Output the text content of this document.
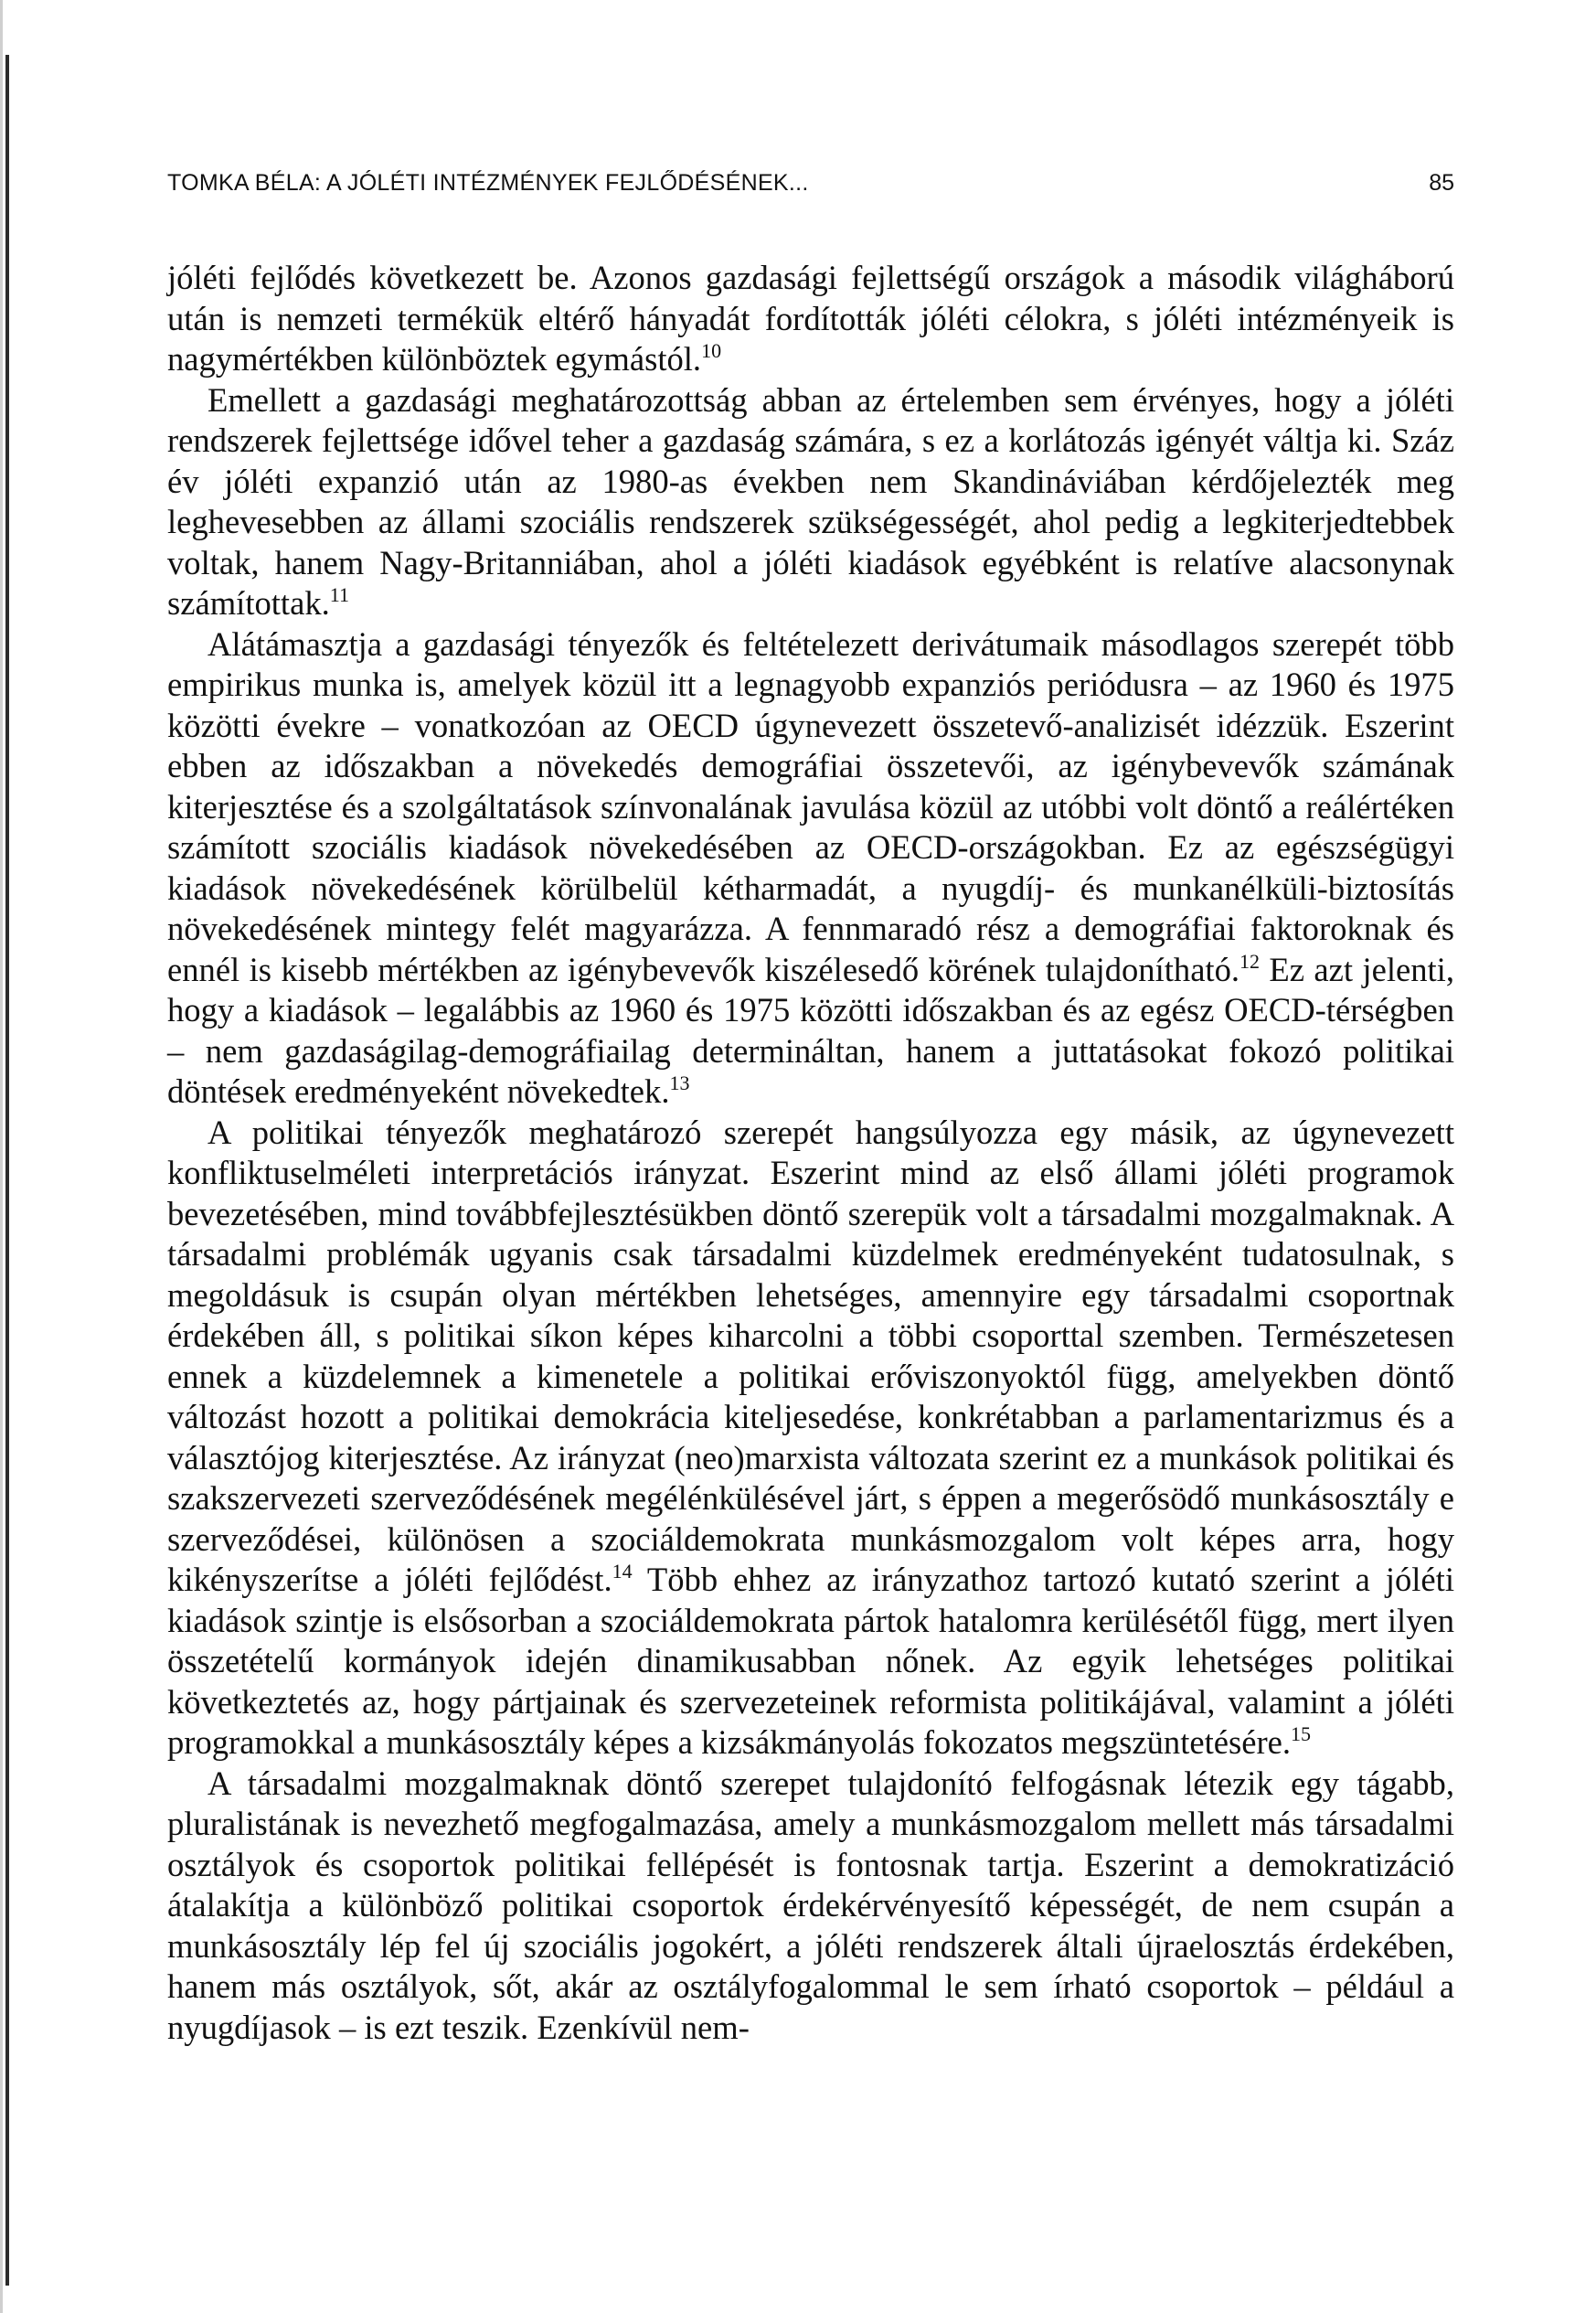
TOMKA BÉLA: A JÓLÉTI INTÉZMÉNYEK FEJLŐDÉSÉNEK...	85

jóléti fejlődés következett be. Azonos gazdasági fejlettségű országok a második világháború után is nemzeti termékük eltérő hányadát fordították jóléti célokra, s jóléti intézményeik is nagymértékben különböztek egymástól.$^{10}$

Emellett a gazdasági meghatározottság abban az értelemben sem érvényes, hogy a jóléti rendszerek fejlettsége idővel teher a gazdaság számára, s ez a korlátozás igényét váltja ki. Száz év jóléti expanzió után az 1980-as években nem Skandináviában kérdőjelezték meg leghevesebben az állami szociális rendszerek szükségességét, ahol pedig a legkiterjedtebbek voltak, hanem Nagy-Britanniában, ahol a jóléti kiadások egyébként is relatíve alacsonynak számítottak.$^{11}$

Alátámasztja a gazdasági tényezők és feltételezett derivátumaik másodlagos szerepét több empirikus munka is, amelyek közül itt a legnagyobb expanziós periódusra – az 1960 és 1975 közötti évekre – vonatkozóan az OECD úgynevezett összetevő-analizisét idézzük. Eszerint ebben az időszakban a növekedés demográfiai összetevői, az igénybevevők számának kiterjesztése és a szolgáltatások színvonalának javulása közül az utóbbi volt döntő a reálértéken számított szociális kiadások növekedésében az OECD-országokban. Ez az egészségügyi kiadások növekedésének körülbelül kétharmadát, a nyugdíj- és munkanélküli-biztosítás növekedésének mintegy felét magyarázza. A fennmaradó rész a demográfiai faktoroknak és ennél is kisebb mértékben az igénybevevők kiszélesedő körének tulajdonítható.$^{12}$ Ez azt jelenti, hogy a kiadások – legalábbis az 1960 és 1975 közötti időszakban és az egész OECD-térségben – nem gazdaságilag-demográfiailag determináltan, hanem a juttatásokat fokozó politikai döntések eredményeként növekedtek.$^{13}$

A politikai tényezők meghatározó szerepét hangsúlyozza egy másik, az úgynevezett konfliktuselméleti interpretációs irányzat. Eszerint mind az első állami jóléti programok bevezetésében, mind továbbfejlesztésükben döntő szerepük volt a társadalmi mozgalmaknak. A társadalmi problémák ugyanis csak társadalmi küzdelmek eredményeként tudatosulnak, s megoldásuk is csupán olyan mértékben lehetséges, amennyire egy társadalmi csoportnak érdekében áll, s politikai síkon képes kiharcolni a többi csoporttal szemben. Természetesen ennek a küzdelemnek a kimenetele a politikai erőviszonyoktól függ, amelyekben döntő változást hozott a politikai demokrácia kiteljesedése, konkrétabban a parlamentarizmus és a választójog kiterjesztése. Az irányzat (neo)marxista változata szerint ez a munkások politikai és szakszervezeti szerveződésének megélénkülésével járt, s éppen a megerősödő munkásosztály e szerveződései, különösen a szociáldemokrata munkásmozgalom volt képes arra, hogy kikényszerítse a jóléti fejlődést.$^{14}$ Több ehhez az irányzathoz tartozó kutató szerint a jóléti kiadások szintje is elsősorban a szociáldemokrata pártok hatalomra kerülésétől függ, mert ilyen összetételű kormányok idején dinamikusabban nőnek. Az egyik lehetséges politikai következtetés az, hogy pártjainak és szervezeteinek reformista politikájával, valamint a jóléti programokkal a munkásosztály képes a kizsákmányolás fokozatos megszüntetésére.$^{15}$

A társadalmi mozgalmaknak döntő szerepet tulajdonító felfogásnak létezik egy tágabb, pluralistának is nevezhető megfogalmazása, amely a munkásmozgalom mellett más társadalmi osztályok és csoportok politikai fellépését is fontosnak tartja. Eszerint a demokratizáció átalakítja a különböző politikai csoportok érdekérvényesítő képességét, de nem csupán a munkásosztály lép fel új szociális jogokért, a jóléti rendszerek általi újraelosztás érdekében, hanem más osztályok, sőt, akár az osztályfogalommal le sem írható csoportok – például a nyugdíjasok – is ezt teszik. Ezenkívül nem-
